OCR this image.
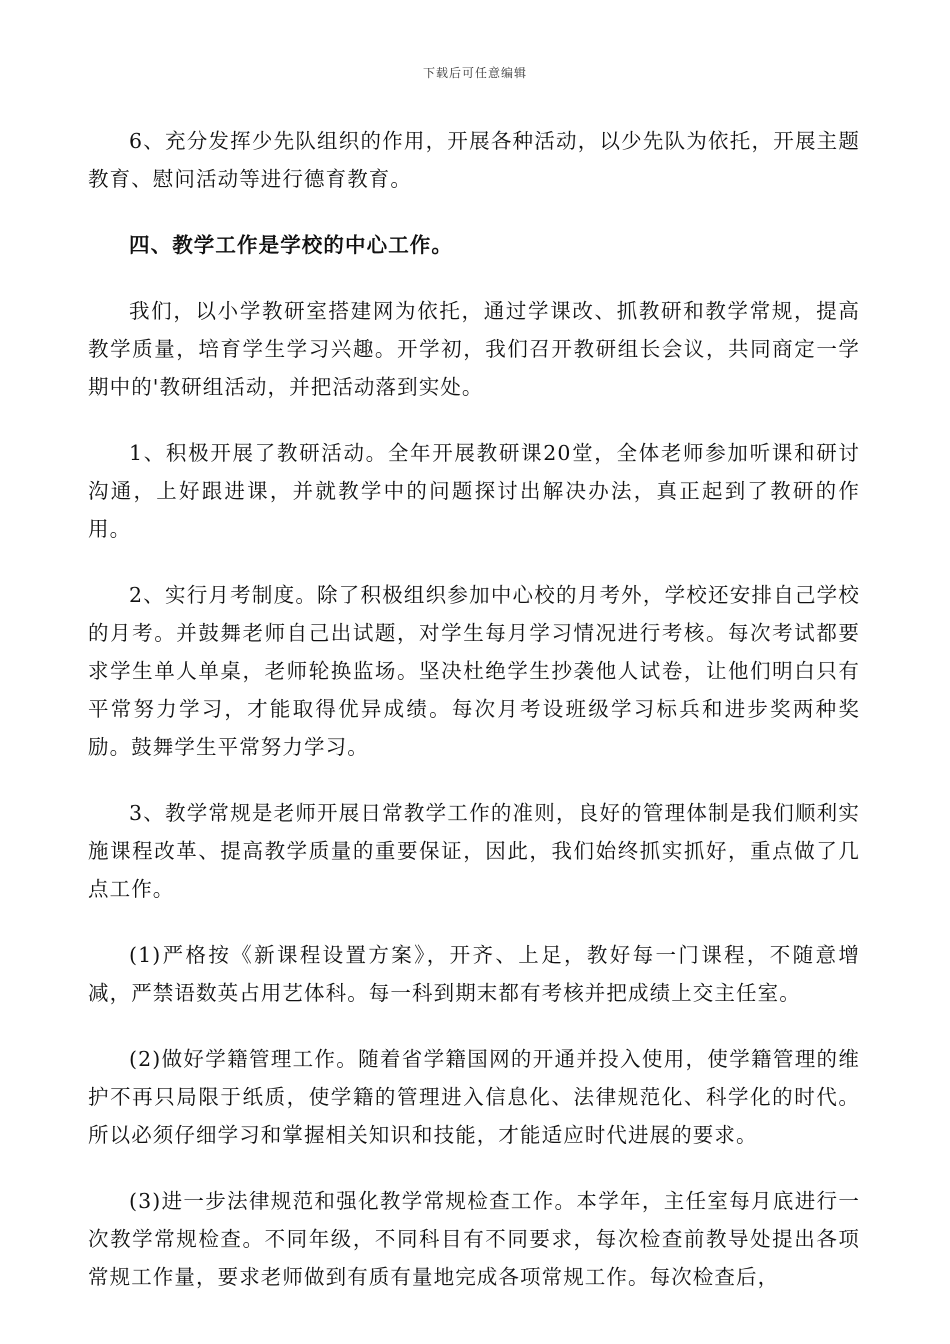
下载后可任意编辑

6、充分发挥少先队组织的作用，开展各种活动，以少先队为依托，开展主题教育、慰问活动等进行德育教育。

四、教学工作是学校的中心工作。

我们，以小学教研室搭建网为依托，通过学课改、抓教研和教学常规，提高教学质量，培育学生学习兴趣。开学初，我们召开教研组长会议，共同商定一学期中的'教研组活动，并把活动落到实处。

1、积极开展了教研活动。全年开展教研课20堂，全体老师参加听课和研讨沟通，上好跟进课，并就教学中的问题探讨出解决办法，真正起到了教研的作用。

2、实行月考制度。除了积极组织参加中心校的月考外，学校还安排自己学校的月考。并鼓舞老师自己出试题，对学生每月学习情况进行考核。每次考试都要求学生单人单桌，老师轮换监场。坚决杜绝学生抄袭他人试卷，让他们明白只有平常努力学习，才能取得优异成绩。每次月考设班级学习标兵和进步奖两种奖励。鼓舞学生平常努力学习。

3、教学常规是老师开展日常教学工作的准则，良好的管理体制是我们顺利实施课程改革、提高教学质量的重要保证，因此，我们始终抓实抓好，重点做了几点工作。

(1)严格按《新课程设置方案》，开齐、上足，教好每一门课程，不随意增减，严禁语数英占用艺体科。每一科到期末都有考核并把成绩上交主任室。

(2)做好学籍管理工作。随着省学籍国网的开通并投入使用，使学籍管理的维护不再只局限于纸质，使学籍的管理进入信息化、法律规范化、科学化的时代。所以必须仔细学习和掌握相关知识和技能，才能适应时代进展的要求。

(3)进一步法律规范和强化教学常规检查工作。本学年，主任室每月底进行一次教学常规检查。不同年级，不同科目有不同要求，每次检查前教导处提出各项常规工作量，要求老师做到有质有量地完成各项常规工作。每次检查后，
